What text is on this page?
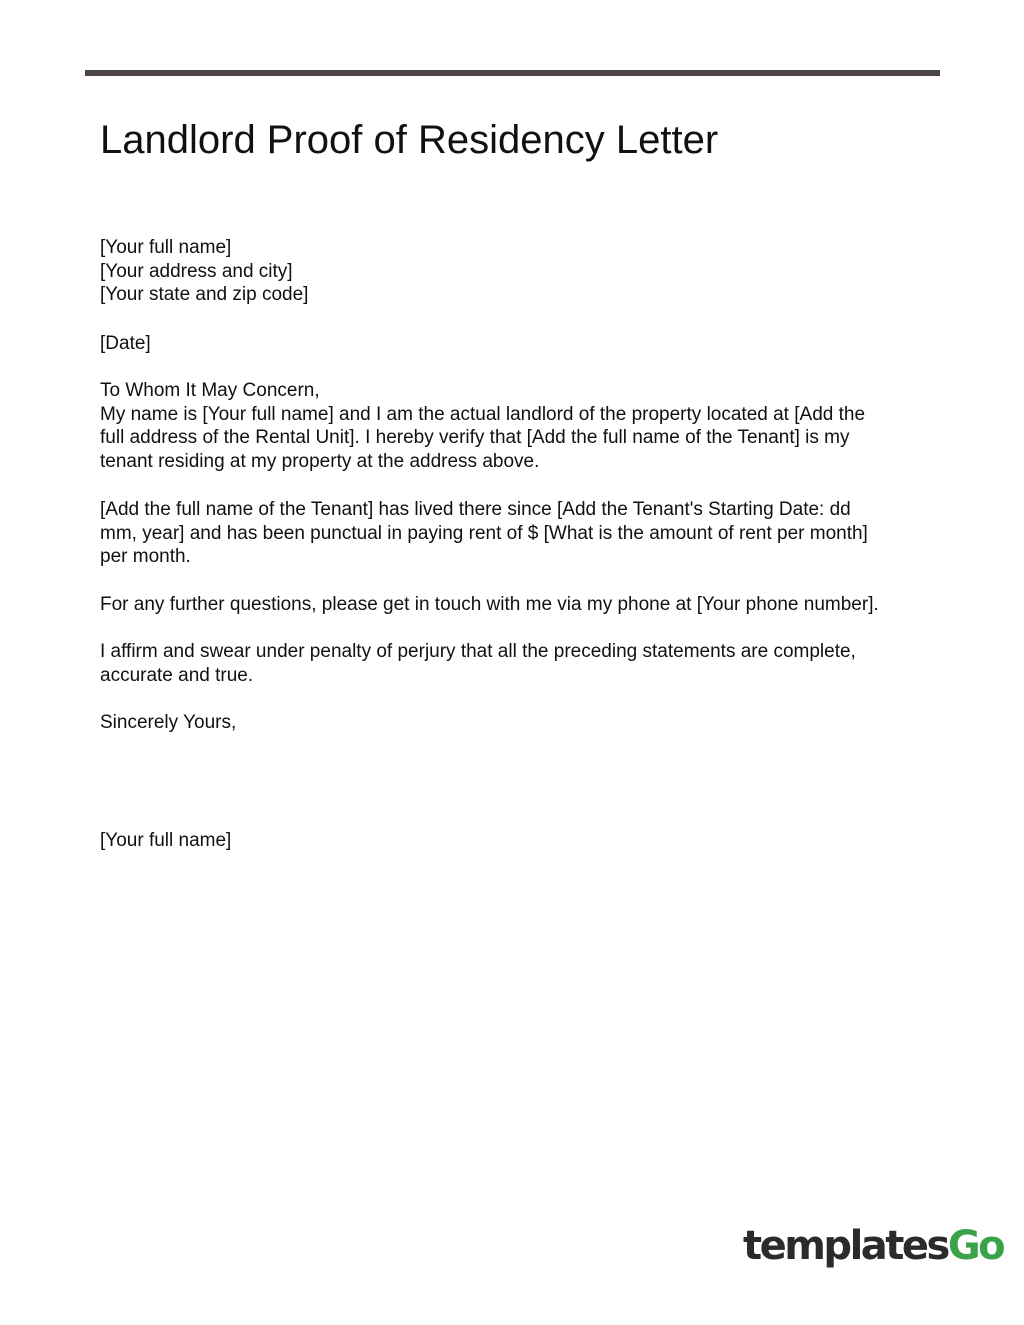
Landlord Proof of Residency Letter
[Your full name]
[Your address and city]
[Your state and zip code]
[Date]
To Whom It May Concern,
My name is [Your full name] and I am the actual landlord of the property located at [Add the
full address of the Rental Unit]. I hereby verify that [Add the full name of the Tenant] is my
tenant residing at my property at the address above.
[Add the full name of the Tenant] has lived there since [Add the Tenant's Starting Date: dd
mm, year] and has been punctual in paying rent of $ [What is the amount of rent per month]
per month.
For any further questions, please get in touch with me via my phone at [Your phone number].
I affirm and swear under penalty of perjury that all the preceding statements are complete,
accurate and true.
Sincerely Yours,
[Your full name]
templatesGo
